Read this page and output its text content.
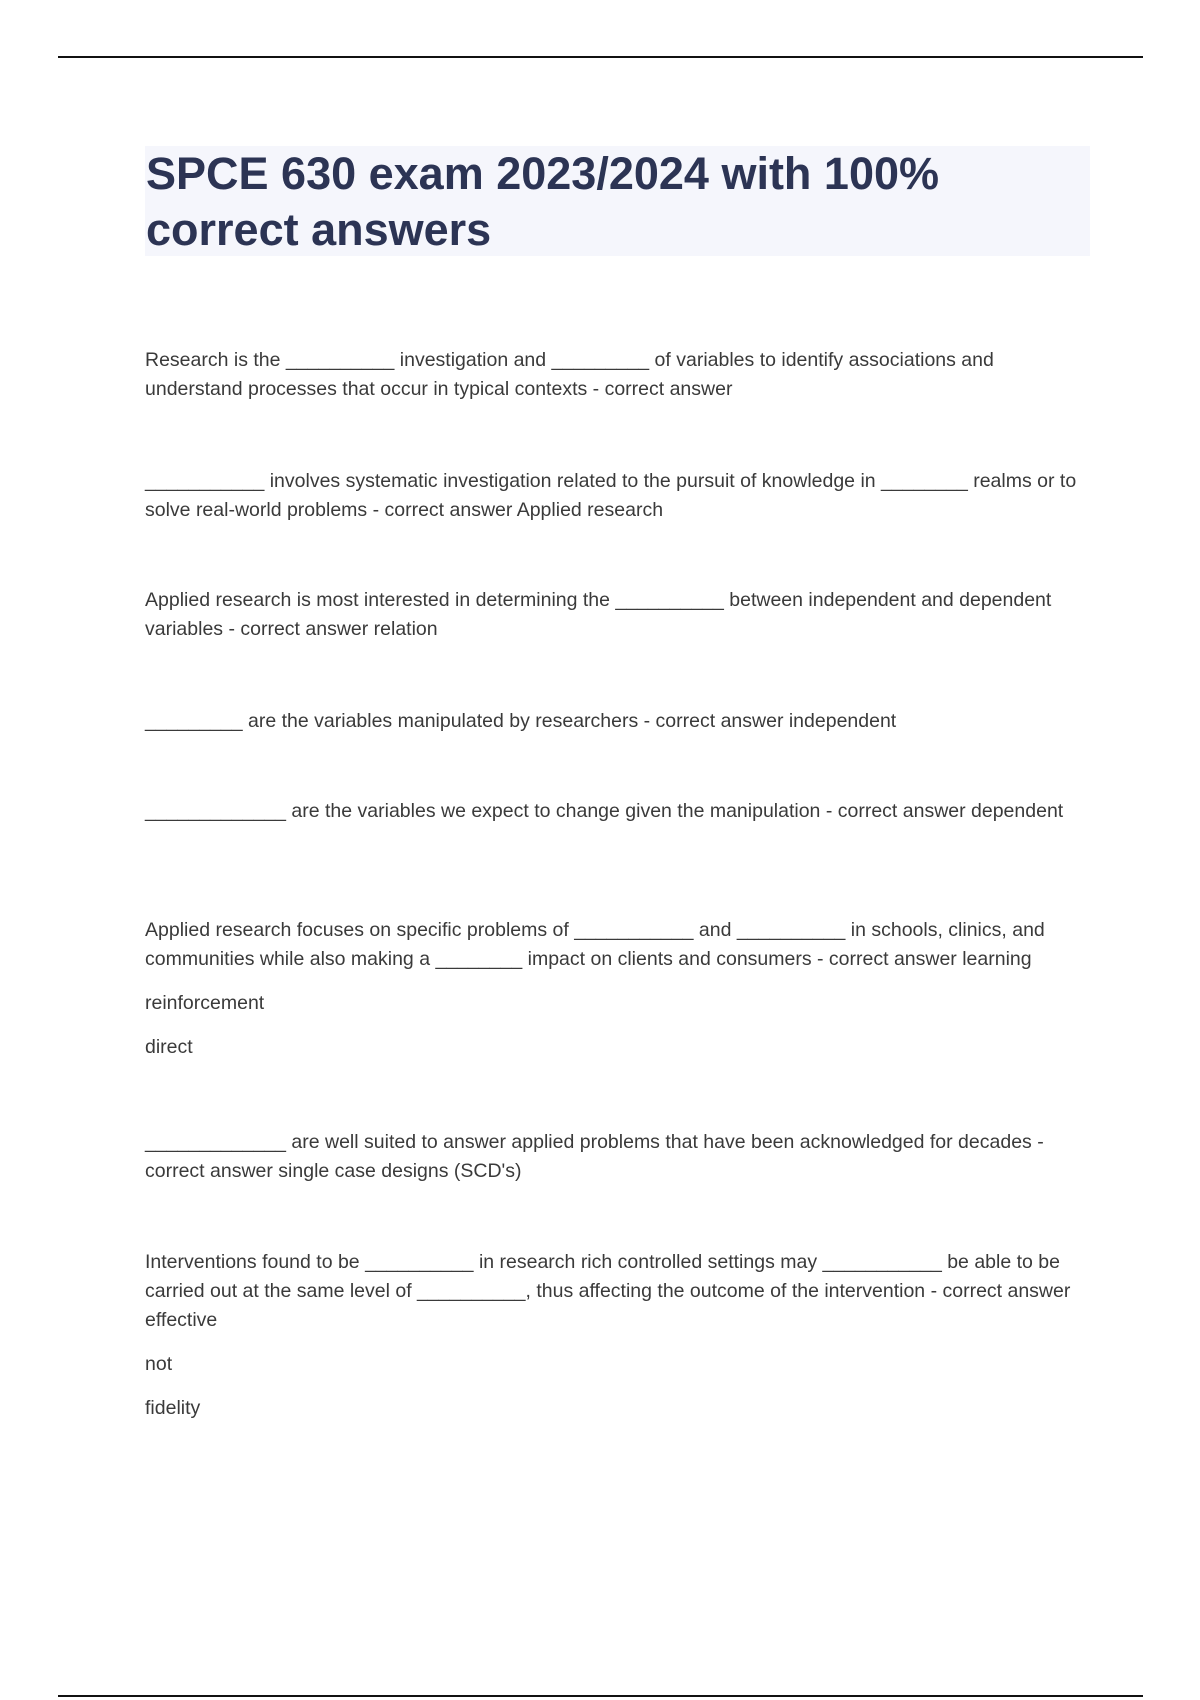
SPCE 630 exam 2023/2024 with 100% correct answers

Research is the __________ investigation and _________ of variables to identify associations and understand processes that occur in typical contexts - correct answer

___________ involves systematic investigation related to the pursuit of knowledge in ________ realms or to solve real-world problems - correct answer Applied research

Applied research is most interested in determining the __________ between independent and dependent variables - correct answer relation

_________ are the variables manipulated by researchers - correct answer independent

_____________ are the variables we expect to change given the manipulation - correct answer dependent

Applied research focuses on specific problems of ___________ and __________ in schools, clinics, and communities while also making a ________ impact on clients and consumers - correct answer learning

reinforcement

direct

_____________ are well suited to answer applied problems that have been acknowledged for decades - correct answer single case designs (SCD's)

Interventions found to be __________ in research rich controlled settings may ___________ be able to be carried out at the same level of __________, thus affecting the outcome of the intervention - correct answer effective

not

fidelity
